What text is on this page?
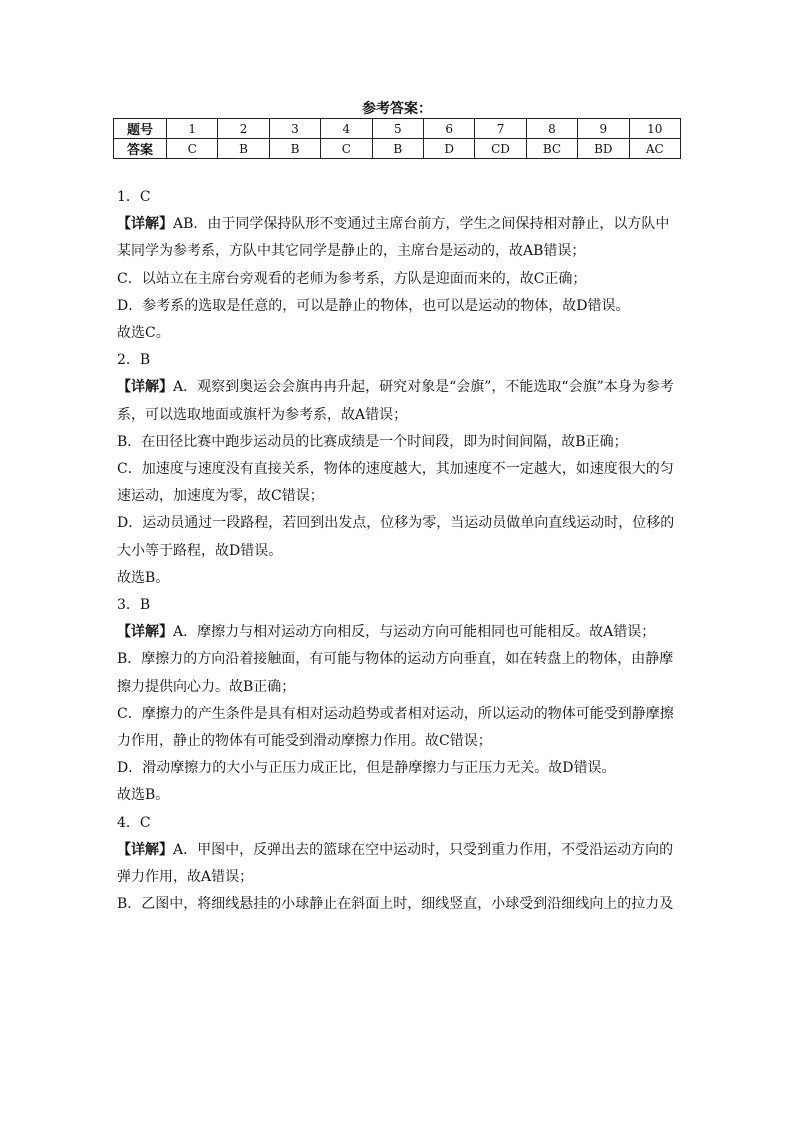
参考答案：
题号	1	2	3	4	5	6	7	8	9	10
答案	C	B	B	C	B	D	CD	BC	BD	AC

1．C

【详解】AB．由于同学保持队形不变通过主席台前方，学生之间保持相对静止，以方队中

某同学为参考系，方队中其它同学是静止的，主席台是运动的，故AB错误；

C．以站立在主席台旁观看的老师为参考系，方队是迎面而来的，故C正确；

D．参考系的选取是任意的，可以是静止的物体，也可以是运动的物体，故D错误。

故选C。

2．B

【详解】A．观察到奥运会会旗冉冉升起，研究对象是“会旗”，不能选取“会旗”本身为参考

系，可以选取地面或旗杆为参考系，故A错误；

B．在田径比赛中跑步运动员的比赛成绩是一个时间段，即为时间间隔，故B正确；

C．加速度与速度没有直接关系，物体的速度越大，其加速度不一定越大，如速度很大的匀

速运动，加速度为零，故C错误；

D．运动员通过一段路程，若回到出发点，位移为零，当运动员做单向直线运动时，位移的

大小等于路程，故D错误。

故选B。

3．B

【详解】A．摩擦力与相对运动方向相反，与运动方向可能相同也可能相反。故A错误；

B．摩擦力的方向沿着接触面，有可能与物体的运动方向垂直，如在转盘上的物体，由静摩

擦力提供向心力。故B正确；

C．摩擦力的产生条件是具有相对运动趋势或者相对运动，所以运动的物体可能受到静摩擦

力作用，静止的物体有可能受到滑动摩擦力作用。故C错误；

D．滑动摩擦力的大小与正压力成正比，但是静摩擦力与正压力无关。故D错误。

故选B。

4．C

【详解】A．甲图中，反弹出去的篮球在空中运动时，只受到重力作用，不受沿运动方向的

弹力作用，故A错误；

B．乙图中，将细线悬挂的小球静止在斜面上时，细线竖直，小球受到沿细线向上的拉力及
